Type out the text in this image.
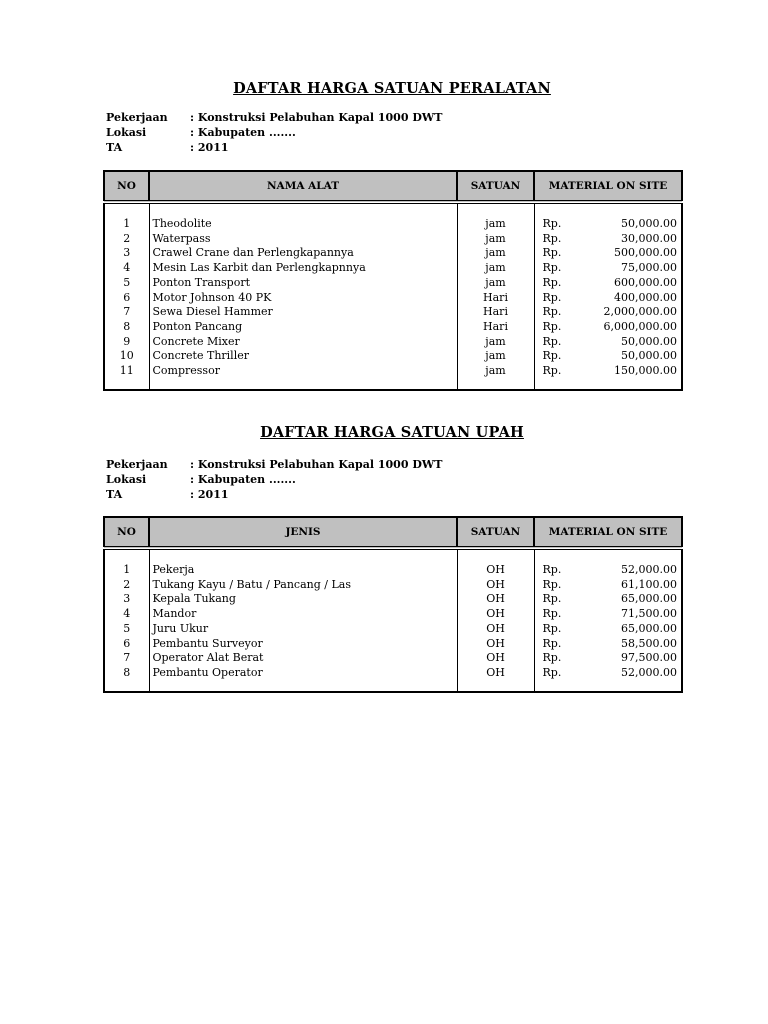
DAFTAR HARGA SATUAN PERALATAN
Pekerjaan	: Konstruksi Pelabuhan Kapal 1000 DWT
Lokasi	: Kabupaten .......
TA	: 2011
NO	NAMA ALAT	SATUAN	MATERIAL ON SITE

1	Theodolite	jam	Rp. 50,000.00

2	Waterpass	jam	Rp. 30,000.00

3	Crawel Crane dan Perlengkapannya	jam	Rp. 500,000.00

4	Mesin Las Karbit dan Perlengkapnnya	jam	Rp. 75,000.00

5	Ponton Transport	jam	Rp. 600,000.00

6	Motor Johnson 40 PK	Hari	Rp. 400,000.00

7	Sewa Diesel Hammer	Hari	Rp. 2,000,000.00

8	Ponton Pancang	Hari	Rp. 6,000,000.00

9	Concrete Mixer	jam	Rp. 50,000.00

10	Concrete Thriller	jam	Rp. 50,000.00

11	Compressor	jam	Rp. 150,000.00

DAFTAR HARGA SATUAN UPAH
Pekerjaan	: Konstruksi Pelabuhan Kapal 1000 DWT
Lokasi	: Kabupaten .......
TA	: 2011
NO	JENIS	SATUAN	MATERIAL ON SITE

1	Pekerja	OH	Rp. 52,000.00

2	Tukang Kayu / Batu / Pancang / Las	OH	Rp. 61,100.00

3	Kepala Tukang	OH	Rp. 65,000.00

4	Mandor	OH	Rp. 71,500.00

5	Juru Ukur	OH	Rp. 65,000.00

6	Pembantu Surveyor	OH	Rp. 58,500.00

7	Operator Alat Berat	OH	Rp. 97,500.00

8	Pembantu Operator	OH	Rp. 52,000.00
